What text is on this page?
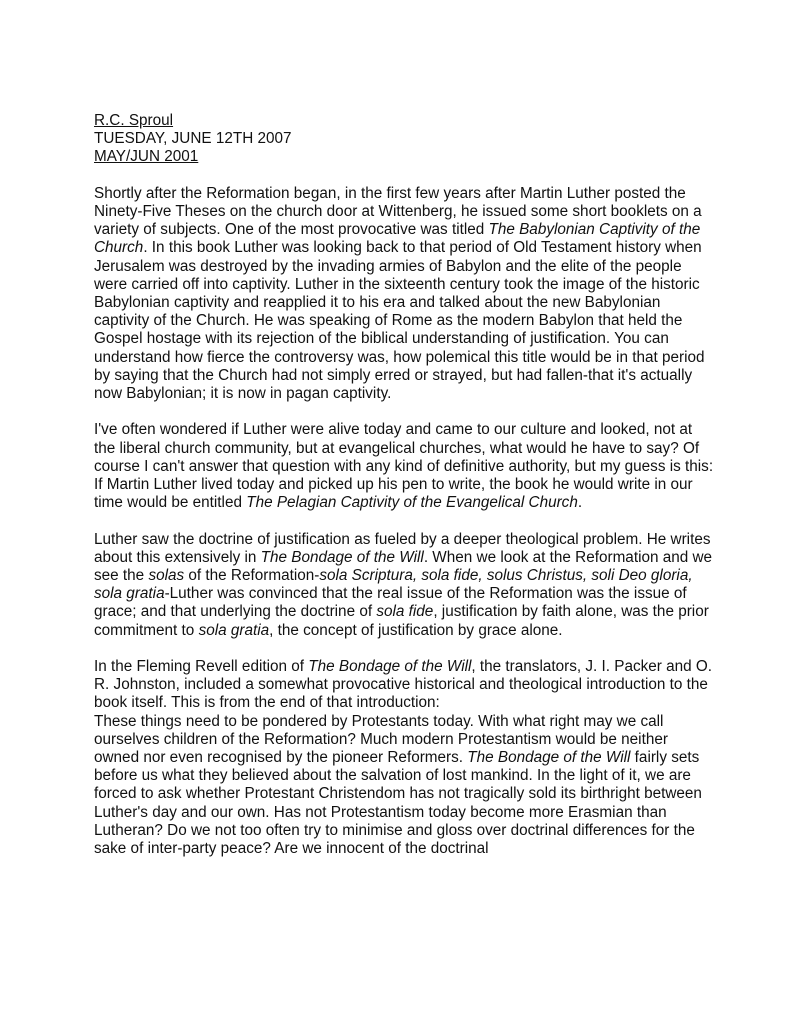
R.C. Sproul
TUESDAY, JUNE 12TH 2007
MAY/JUN 2001

Shortly after the Reformation began, in the first few years after Martin Luther posted the Ninety-Five Theses on the church door at Wittenberg, he issued some short booklets on a variety of subjects. One of the most provocative was titled The Babylonian Captivity of the Church. In this book Luther was looking back to that period of Old Testament history when Jerusalem was destroyed by the invading armies of Babylon and the elite of the people were carried off into captivity. Luther in the sixteenth century took the image of the historic Babylonian captivity and reapplied it to his era and talked about the new Babylonian captivity of the Church. He was speaking of Rome as the modern Babylon that held the Gospel hostage with its rejection of the biblical understanding of justification. You can understand how fierce the controversy was, how polemical this title would be in that period by saying that the Church had not simply erred or strayed, but had fallen-that it's actually now Babylonian; it is now in pagan captivity.

I've often wondered if Luther were alive today and came to our culture and looked, not at the liberal church community, but at evangelical churches, what would he have to say? Of course I can't answer that question with any kind of definitive authority, but my guess is this: If Martin Luther lived today and picked up his pen to write, the book he would write in our time would be entitled The Pelagian Captivity of the Evangelical Church.

Luther saw the doctrine of justification as fueled by a deeper theological problem. He writes about this extensively in The Bondage of the Will. When we look at the Reformation and we see the solas of the Reformation-sola Scriptura, sola fide, solus Christus, soli Deo gloria, sola gratia-Luther was convinced that the real issue of the Reformation was the issue of grace; and that underlying the doctrine of sola fide, justification by faith alone, was the prior commitment to sola gratia, the concept of justification by grace alone.

In the Fleming Revell edition of The Bondage of the Will, the translators, J. I. Packer and O. R. Johnston, included a somewhat provocative historical and theological introduction to the book itself. This is from the end of that introduction:

These things need to be pondered by Protestants today. With what right may we call ourselves children of the Reformation? Much modern Protestantism would be neither owned nor even recognised by the pioneer Reformers. The Bondage of the Will fairly sets before us what they believed about the salvation of lost mankind. In the light of it, we are forced to ask whether Protestant Christendom has not tragically sold its birthright between Luther's day and our own. Has not Protestantism today become more Erasmian than Lutheran? Do we not too often try to minimise and gloss over doctrinal differences for the sake of inter-party peace? Are we innocent of the doctrinal
